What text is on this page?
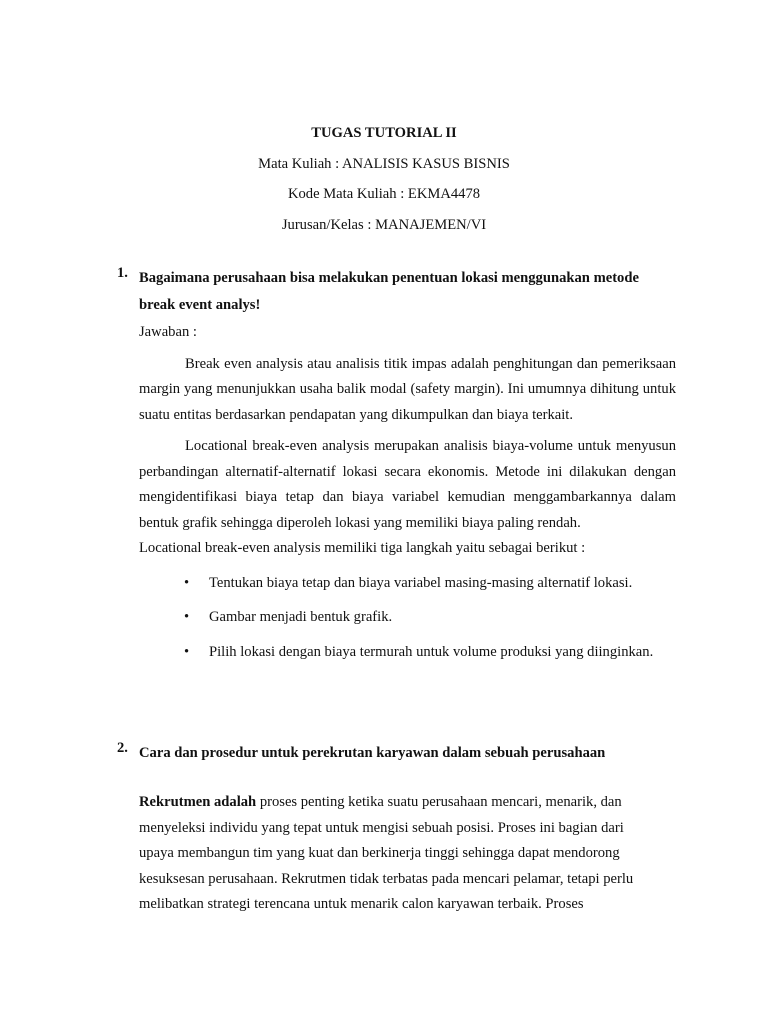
TUGAS TUTORIAL II
Mata Kuliah : ANALISIS KASUS BISNIS
Kode Mata Kuliah : EKMA4478
Jurusan/Kelas : MANAJEMEN/VI
1. Bagaimana perusahaan bisa melakukan penentuan lokasi menggunakan metode
break event analys!
Jawaban :

Break even analysis atau analisis titik impas adalah penghitungan dan pemeriksaan margin yang menunjukkan usaha balik modal (safety margin). Ini umumnya dihitung untuk suatu entitas berdasarkan pendapatan yang dikumpulkan dan biaya terkait.

Locational break-even analysis merupakan analisis biaya-volume untuk menyusun perbandingan alternatif-alternatif lokasi secara ekonomis. Metode ini dilakukan dengan mengidentifikasi biaya tetap dan biaya variabel kemudian menggambarkannya dalam bentuk grafik sehingga diperoleh lokasi yang memiliki biaya paling rendah.

Locational break-even analysis memiliki tiga langkah yaitu sebagai berikut :
• Tentukan biaya tetap dan biaya variabel masing-masing alternatif lokasi.
• Gambar menjadi bentuk grafik.
• Pilih lokasi dengan biaya termurah untuk volume produksi yang diinginkan.
2. Cara dan prosedur untuk perekrutan karyawan dalam sebuah perusahaan
Rekrutmen adalah proses penting ketika suatu perusahaan mencari, menarik, dan
menyeleksi individu yang tepat untuk mengisi sebuah posisi. Proses ini bagian dari
upaya membangun tim yang kuat dan berkinerja tinggi sehingga dapat mendorong
kesuksesan perusahaan. Rekrutmen tidak terbatas pada mencari pelamar, tetapi perlu
melibatkan strategi terencana untuk menarik calon karyawan terbaik. Proses
